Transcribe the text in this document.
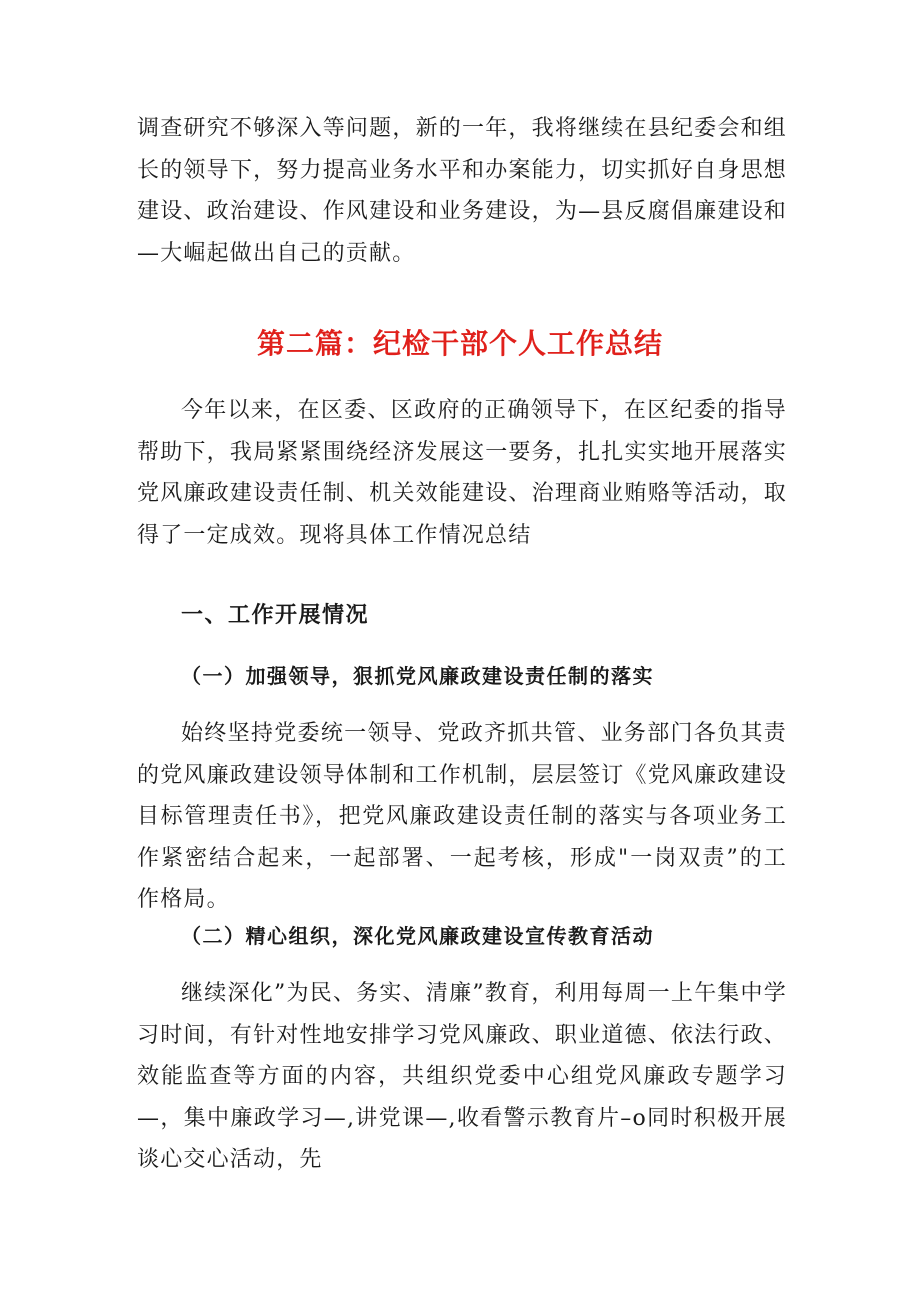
调查研究不够深入等问题，新的一年，我将继续在县纪委会和组长的领导下，努力提高业务水平和办案能力，切实抓好自身思想建设、政治建设、作风建设和业务建设，为—县反腐倡廉建设和—大崛起做出自己的贡献。

第二篇：纪检干部个人工作总结

今年以来，在区委、区政府的正确领导下，在区纪委的指导帮助下，我局紧紧围绕经济发展这一要务，扎扎实实地开展落实党风廉政建设责任制、机关效能建设、治理商业贿赂等活动，取得了一定成效。现将具体工作情况总结

一、工作开展情况
（一）加强领导，狠抓党风廉政建设责任制的落实

始终坚持党委统一领导、党政齐抓共管、业务部门各负其责的党风廉政建设领导体制和工作机制，层层签订《党风廉政建设目标管理责任书》，把党风廉政建设责任制的落实与各项业务工作紧密结合起来，一起部署、一起考核，形成"一岗双责”的工作格局。

（二）精心组织，深化党风廉政建设宣传教育活动

继续深化”为民、务实、清廉”教育，利用每周一上午集中学习时间，有针对性地安排学习党风廉政、职业道德、依法行政、效能监查等方面的内容，共组织党委中心组党风廉政专题学习—，集中廉政学习—,讲党课—,收看警示教育片–o同时积极开展谈心交心活动，先
